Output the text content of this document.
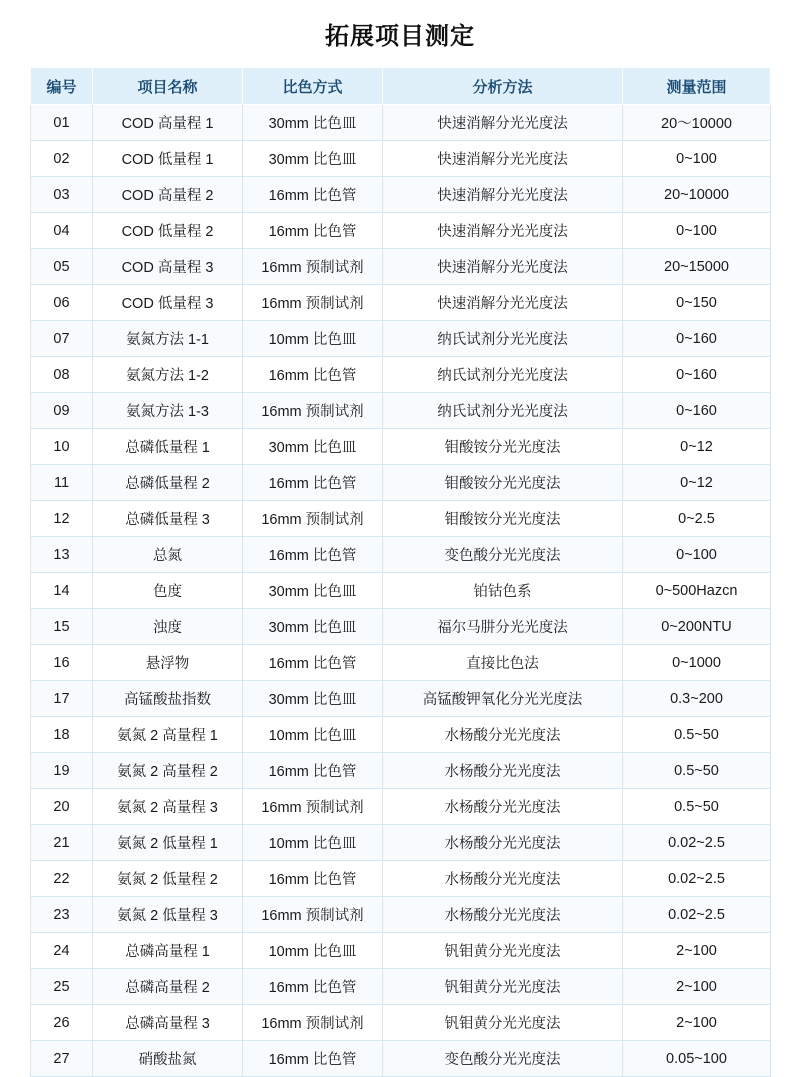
拓展项目测定
编号	项目名称	比色方式	分析方法	测量范围
01	COD 高量程 1	30mm 比色皿	快速消解分光光度法	20～10000
02	COD 低量程 1	30mm 比色皿	快速消解分光光度法	0~100
03	COD 高量程 2	16mm 比色管	快速消解分光光度法	20~10000
04	COD 低量程 2	16mm 比色管	快速消解分光光度法	0~100
05	COD 高量程 3	16mm 预制试剂	快速消解分光光度法	20~15000
06	COD 低量程 3	16mm 预制试剂	快速消解分光光度法	0~150
07	氨氮方法 1-1	10mm 比色皿	纳氏试剂分光光度法	0~160
08	氨氮方法 1-2	16mm 比色管	纳氏试剂分光光度法	0~160
09	氨氮方法 1-3	16mm 预制试剂	纳氏试剂分光光度法	0~160
10	总磷低量程 1	30mm 比色皿	钼酸铵分光光度法	0~12
11	总磷低量程 2	16mm 比色管	钼酸铵分光光度法	0~12
12	总磷低量程 3	16mm 预制试剂	钼酸铵分光光度法	0~2.5
13	总氮	16mm 比色管	变色酸分光光度法	0~100
14	色度	30mm 比色皿	铂钴色系	0~500Hazcn
15	浊度	30mm 比色皿	福尔马肼分光光度法	0~200NTU
16	悬浮物	16mm 比色管	直接比色法	0~1000
17	高锰酸盐指数	30mm 比色皿	高锰酸钾氧化分光光度法	0.3~200
18	氨氮 2 高量程 1	10mm 比色皿	水杨酸分光光度法	0.5~50
19	氨氮 2 高量程 2	16mm 比色管	水杨酸分光光度法	0.5~50
20	氨氮 2 高量程 3	16mm 预制试剂	水杨酸分光光度法	0.5~50
21	氨氮 2 低量程 1	10mm 比色皿	水杨酸分光光度法	0.02~2.5
22	氨氮 2 低量程 2	16mm 比色管	水杨酸分光光度法	0.02~2.5
23	氨氮 2 低量程 3	16mm 预制试剂	水杨酸分光光度法	0.02~2.5
24	总磷高量程 1	10mm 比色皿	钒钼黄分光光度法	2~100
25	总磷高量程 2	16mm 比色管	钒钼黄分光光度法	2~100
26	总磷高量程 3	16mm 预制试剂	钒钼黄分光光度法	2~100
27	硝酸盐氮	16mm 比色管	变色酸分光光度法	0.05~100
